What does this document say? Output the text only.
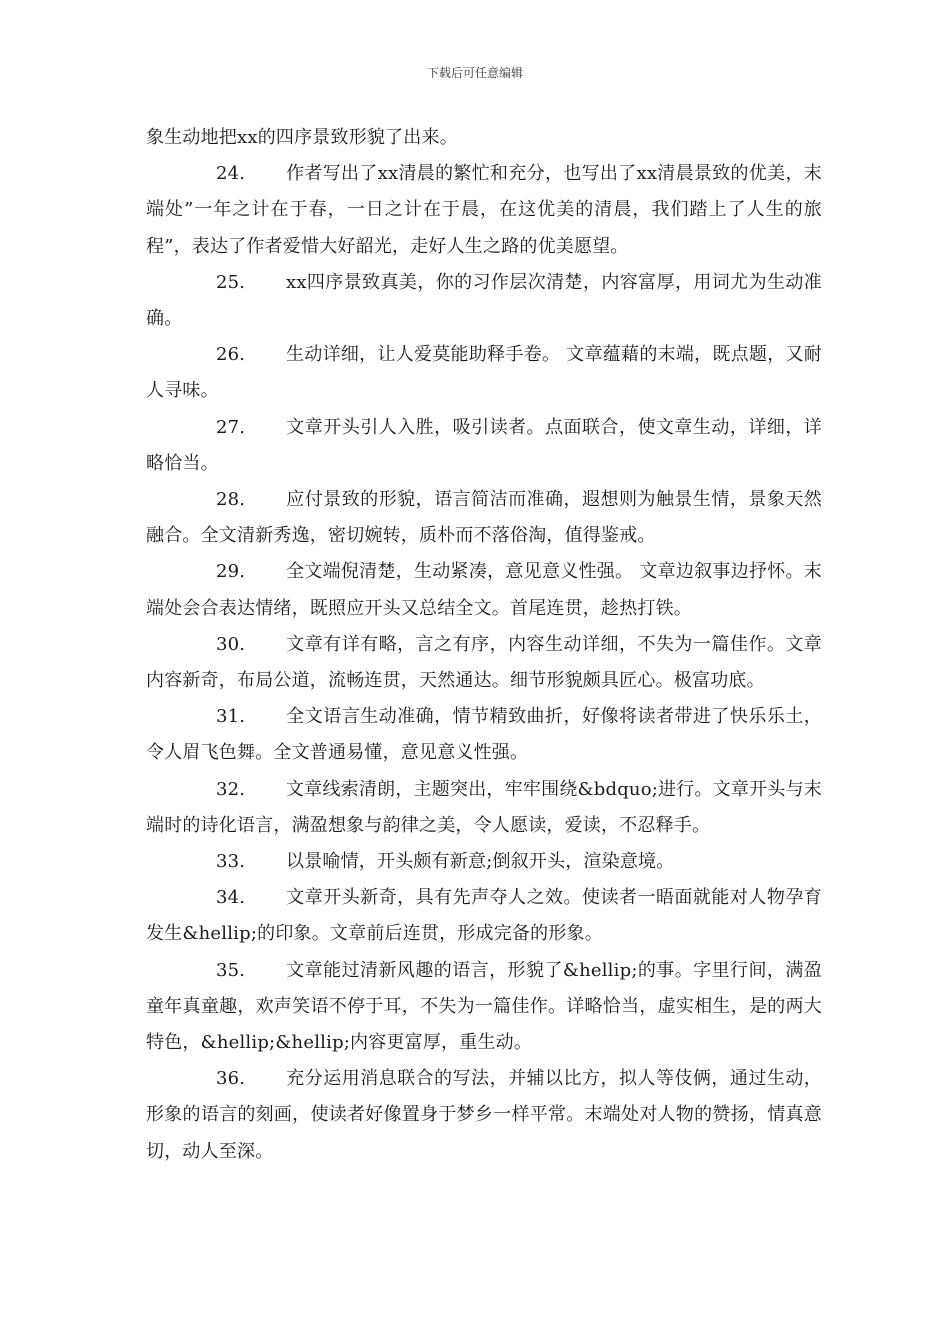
下载后可任意编辑

象生动地把xx的四序景致形貌了出来。

24. 作者写出了xx清晨的繁忙和充分，也写出了xx清晨景致的优美，末端处”一年之计在于春，一日之计在于晨，在这优美的清晨，我们踏上了人生的旅程”，表达了作者爱惜大好韶光，走好人生之路的优美愿望。

25. xx四序景致真美，你的习作层次清楚，内容富厚，用词尤为生动准确。

26. 生动详细，让人爱莫能助释手卷。 文章蕴藉的末端，既点题，又耐人寻味。

27. 文章开头引人入胜，吸引读者。点面联合，使文章生动，详细，详略恰当。

28. 应付景致的形貌，语言简洁而准确，遐想则为触景生情，景象天然融合。全文清新秀逸，密切婉转，质朴而不落俗淘，值得鉴戒。

29. 全文端倪清楚，生动紧凑，意见意义性强。 文章边叙事边抒怀。末端处会合表达情绪，既照应开头又总结全文。首尾连贯，趁热打铁。

30. 文章有详有略，言之有序，内容生动详细，不失为一篇佳作。文章内容新奇，布局公道，流畅连贯，天然通达。细节形貌颇具匠心。极富功底。

31. 全文语言生动准确，情节精致曲折，好像将读者带进了快乐乐土，令人眉飞色舞。全文普通易懂，意见意义性强。

32. 文章线索清朗，主题突出，牢牢围绕&bdquo;进行。文章开头与末端时的诗化语言，满盈想象与韵律之美，令人愿读，爱读，不忍释手。

33. 以景喻情，开头颇有新意;倒叙开头，渲染意境。

34. 文章开头新奇，具有先声夺人之效。使读者一晤面就能对人物孕育发生&hellip;的印象。文章前后连贯，形成完备的形象。

35. 文章能过清新风趣的语言，形貌了&hellip;的事。字里行间，满盈童年真童趣，欢声笑语不停于耳，不失为一篇佳作。详略恰当，虚实相生，是的两大特色，&hellip;&hellip;内容更富厚，重生动。

36. 充分运用消息联合的写法，并辅以比方，拟人等伎俩，通过生动，形象的语言的刻画，使读者好像置身于梦乡一样平常。末端处对人物的赞扬，情真意切，动人至深。
